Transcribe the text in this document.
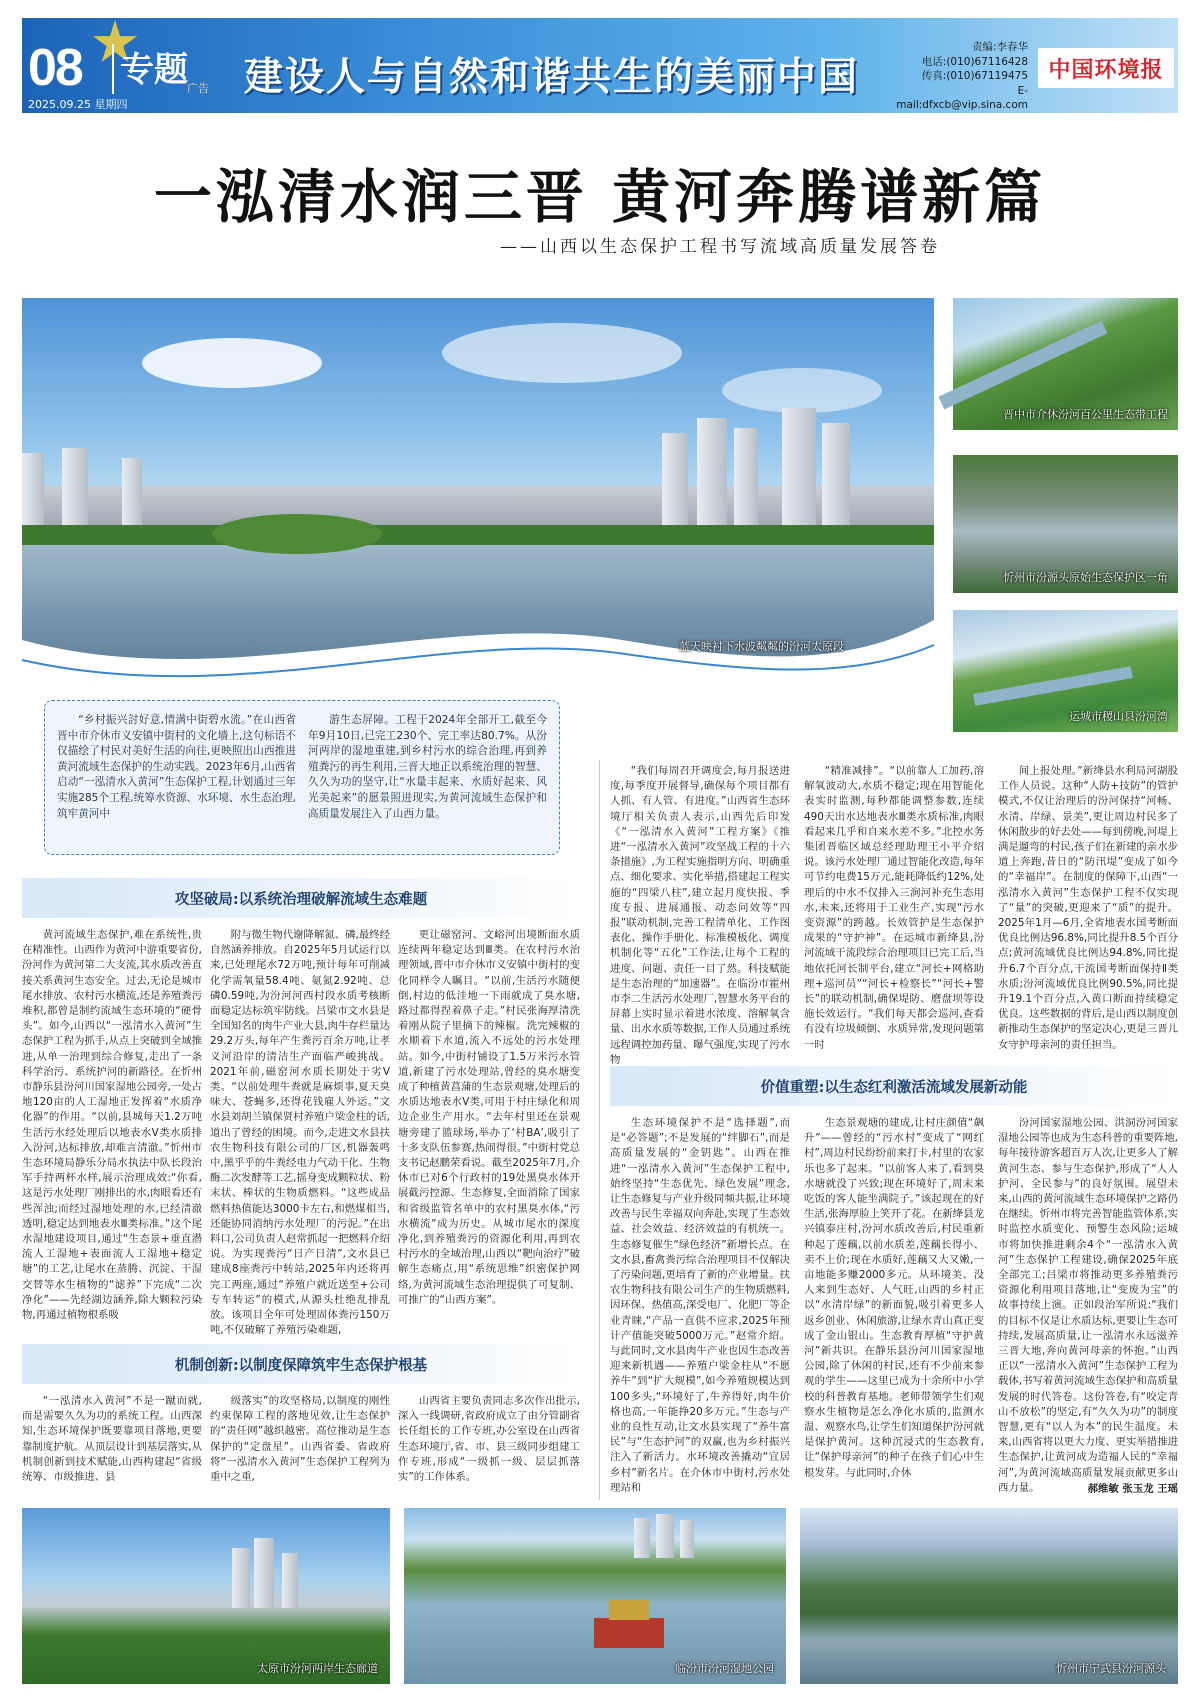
08 专题 广告
2025.09.25 星期四
建设人与自然和谐共生的美丽中国
责编:李春华
电话:(010)67116428
传真:(010)67119475
E-mail:dfxcb@vip.sina.com
中国环境报
一泓清水润三晋 黄河奔腾谱新篇
——山西以生态保护工程书写流域高质量发展答卷
蓝天映衬下水波粼粼的汾河太原段
晋中市介休汾河百公里生态带工程
忻州市汾源头原始生态保护区一角
运城市稷山县汾河湾

“乡村振兴討好意,情满中街碧水流。”在山西省晋中市介休市义安镇中街村的文化墙上,这句标语不仅描绘了村民对美好生活的向往,更映照出山西推进黄河流域生态保护的生动实践。2023年6月,山西省启动“一泓清水入黄河”生态保护工程,计划通过三年实施285个工程,统筹水资源、水环境、水生态治理,筑牢黄河中

游生态屏障。工程于2024年全部开工,截至今年9月10日,已完工230个、完工率达80.7%。从汾河两岸的湿地重建,到乡村污水的综合治理,再到养殖粪污的再生利用,三晋大地正以系统治理的智慧、久久为功的坚守,让“水量丰起来、水质好起来、风光美起来”的愿景照进现实,为黄河流域生态保护和高质量发展注入了山西力量。

攻坚破局:以系统治理破解流域生态难题

黄河流域生态保护,难在系统性,贵在精准性。山西作为黄河中游重要省份,汾河作为黄河第二大支流,其水质改善直接关系黄河生态安全。过去,无论是城市尾水排放、农村污水横流,还是养殖粪污堆积,都曾是制约流域生态环境的“硬骨头”。如今,山西以“一泓清水入黄河”生态保护工程为抓手,从点上突破到全域推进,从单一治理到综合修复,走出了一条科学治污、系统护河的新路径。在忻州市静乐县汾河川国家湿地公园旁,一处占地120亩的人工湿地正发挥着“水质净化器”的作用。“以前,县城每天1.2万吨生活污水经处理后以地表水Ⅴ类水质排入汾河,达标排放,却难言清澈。”忻州市生态环境局静乐分局水执法中队长段治军手持两杯水样,展示治理成效:“你看,这是污水处理厂刚排出的水,肉眼看还有些浑浊;而经过湿地处理的水,已经清澈透明,稳定达到地表水Ⅲ类标准。”这个尾水湿地建设项目,通过“生态景+垂直潜流人工湿地+表面流人工湿地+稳定塘”的工艺,让尾水在蒸腾、沉淀、干湿交替等水生植物的“滤养”下完成“二次净化”——先经湖边涵养,除大颗粒污染物,再通过植物根系吸

附与微生物代谢降解氮、磷,最终经自然涵养排放。自2025年5月试运行以来,已处理尾水72万吨,预计每年可削减化学需氧量58.4吨、氨氮2.92吨、总磷0.59吨,为汾河河西村段水质考核断面稳定达标筑牢防线。吕梁市文水县是全国知名的肉牛产业大县,肉牛存栏量达29.2万头,每年产生粪污百余万吨,让孝义河沿岸的清洁生产面临严峻挑战。2021年前,磁窑河水质长期处于劣Ⅴ类。“以前处理牛粪就是麻烦事,夏天臭味大、苍蝇多,还得花钱雇人外运。”文水县刘胡兰镇保贤村养殖户梁金柱的话,道出了曾经的困境。而今,走进文水县扶农生物科技有限公司的厂区,机器轰鸣中,黑乎乎的牛粪经电力气动干化、生物酶二次发酵等工艺,摇身变成颗粒状、粉末状、棒状的生物质燃料。“这些成品燃料热值能达3000卡左右,和燃煤相当,还能协同消纳污水处理厂的污泥。”在出料口,公司负责人赵常抓起一把燃料介绍说。为实现粪污“日产日清”,文水县已建成8座粪污中转站,2025年内还将再完工两座,通过“养殖户就近送至+公司专车转运”的模式,从源头杜绝乱排乱放。该项目全年可处理固体粪污150万吨,不仅破解了养殖污染难题,

更让磁窑河、文峪河出境断面水质连续两年稳定达到Ⅲ类。在农村污水治理领域,晋中市介休市义安镇中街村的变化同样令人瞩目。“以前,生活污水随便倒,村边的低洼地一下雨就成了臭水塘,路过都得捏着鼻子走。”村民张海厚清洗着刚从院子里摘下的辣椒。洗完辣椒的水顺着下水道,流入不远处的污水处理站。如今,中街村铺设了1.5万米污水管道,新建了污水处理站,曾经的臭水塘变成了种植黄菖蒲的生态景观塘,处理后的水质达地表水Ⅴ类,可用于村庄绿化和周边企业生产用水。“去年村里还在景观塘旁建了篮球场,举办了‘村BA’,吸引了十多支队伍参赛,热闹得很。”中街村党总支书记赵鹏荣看说。截至2025年7月,介休市已对6个行政村的19处黑臭水体开展截污控源、生态修复,全面消除了国家和省级监管名单中的农村黑臭水体,“污水横流”成为历史。从城市尾水的深度净化,到养殖粪污的资源化利用,再到农村污水的全域治理,山西以“靶向治疗”破解生态痛点,用“系统思维”织密保护网络,为黄河流域生态治理提供了可复制、可推广的“山西方案”。

机制创新:以制度保障筑牢生态保护根基

“一泓清水入黄河”不是一蹴而就,而是需要久久为功的系统工程。山西深知,生态环境保护既要靠项目落地,更要靠制度护航。从顶层设计到基层落实,从机制创新到技术赋能,山西构建起“省级统筹、市级推进、县

级落实”的攻坚格局,以制度的刚性约束保障工程的落地见效,让生态保护的“责任网”越织越密。高位推动是生态保护的“定盘星”。山西省委、省政府将“一泓清水入黄河”生态保护工程列为重中之重,

山西省主要负责同志多次作出批示,深入一线调研,省政府成立了由分管副省长任组长的工作专班,办公室设在山西省生态环境厅,省、市、县三级同步组建工作专班,形成“一级抓一级、层层抓落实”的工作体系。

“我们每周召开调度会,每月报送进度,每季度开展督导,确保每个项目都有人抓、有人管、有进度。”山西省生态环境厅相关负责人表示,山西先后印发《“一泓清水入黄河”工程方案》《推进“一泓清水入黄河”攻坚战工程的十六条措施》,为工程实施指明方向、明确重点、细化要求、实化举措,搭建起工程实施的“四梁八柱”,建立起月度快报、季度专报、进展通报、动态问效等“四报”联动机制,完善工程清单化、工作图表化、操作手册化、标准模板化、调度机制化等“五化”工作法,让每个工程的进度、问题、责任一目了然。科技赋能是生态治理的“加速器”。在临汾市霍州市李二生活污水处理厂,智慧水务平台的屏幕上实时显示着进水浓度、溶解氧含量、出水水质等数据,工作人员通过系统远程调控加药量、曝气强度,实现了污水物

“精准减排”。“以前靠人工加药,溶解氧波动大,水质不稳定;现在用智能化表实时监测,每秒都能调整参数,连续490天出水达地表水Ⅲ类水质标准,肉眼看起来几乎和自来水差不多。”北控水务集团晋临区域总经理助理王小平介绍说。该污水处理厂通过智能化改造,每年可节约电费15万元,能耗降低约12%,处理后的中水不仅排入三涧河补充生态用水,未来,还将用于工业生产,实现“污水变资源”的跨越。长效管护是生态保护成果的“守护神”。在运城市新绛县,汾河流域干流段综合治理项目已完工后,当地依托河长制平台,建立“河长+网格助理+巡河员”“河长+检察长”“河长+警长”的联动机制,确保堤防、磨盘坝等设施长效运行。“我们每天都会巡河,查看有没有垃圾倾倒、水质异常,发现问题第一时

间上报处理。”新绛县水利局河湖股工作人员说。这种“人防+技防”的管护模式,不仅让治理后的汾河保持“河畅、水清、岸绿、景美”,更让周边村民多了休闲散步的好去处——每到傍晚,河堤上满是遛弯的村民,孩子们在新建的亲水步道上奔跑,昔日的“防汛堤”变成了如今的“幸福岸”。在制度的保障下,山西“一泓清水入黄河”生态保护工程不仅实现了“量”的突破,更迎来了“质”的提升。2025年1月—6月,全省地表水国考断面优良比例达96.8%,同比提升8.5个百分点;黄河流域优良比例达94.8%,同比提升6.7个百分点,干流国考断面保持Ⅱ类水质;汾河流域优良比例90.5%,同比提升19.1个百分点,入黄口断面持续稳定优良。这些数据的背后,是山西以制度创新推动生态保护的坚定决心,更是三晋儿女守护母亲河的责任担当。

价值重塑:以生态红利激活流域发展新动能

生态环境保护不是“选择题”,而是“必答题”;不是发展的“绊脚石”,而是高质量发展的“金钥匙”。山西在推进“一泓清水入黄河”生态保护工程中,始终坚持“生态优先、绿色发展”理念,让生态修复与产业升级同频共振,让环境改善与民生幸福双向奔赴,实现了生态效益、社会效益、经济效益的有机统一。生态修复催生“绿色经济”新增长点。在文水县,畜禽粪污综合治理项目不仅解决了污染问题,更培育了新的产业增量。扶农生物科技有限公司生产的生物质燃料,因环保、热值高,深受电厂、化肥厂等企业青睐,“产品一直供不应求,2025年预计产值能突破5000万元。”赵常介绍。与此同时,文水县肉牛产业也因生态改善迎来新机遇——养殖户梁金柱从“不愿养牛”到“扩大规模”,如今养殖规模达到100多头,“环境好了,牛养得好,肉牛价格也高,一年能挣20多万元。”生态与产业的良性互动,让文水县实现了“养牛富民”与“生态护河”的双赢,也为乡村振兴注入了新活力。水环境改善撬动“宜居乡村”新名片。在介休市中街村,污水处理站和

生态景观塘的建成,让村庄颜值“飙升”——曾经的“污水村”变成了“网红村”,周边村民纷纷前来打卡,村里的农家乐也多了起来。“以前客人来了,看到臭水塘就没了兴致;现在环境好了,周末来吃饭的客人能坐满院子。”该起现在的好生活,张海厚脸上笑开了花。在新绛县龙兴镇泰庄村,汾河水质改善后,村民重新种起了莲藕,以前水质差,莲藕长得小、卖不上价;现在水质好,莲藕又大又嫩,一亩地能多赚2000多元。从环境美、没人来到生态好、人气旺,山西的乡村正以“水清岸绿”的新面貌,吸引着更多人返乡创业、休闲旅游,让绿水青山真正变成了金山银山。生态教育厚植“守护黄河”新共识。在静乐县汾河川国家湿地公园,除了休闲的村民,还有不少前来参观的学生——这里已成为十余所中小学校的科普教育基地。老师带领学生们观察水生植物是怎么净化水质的,监测水温、观察水鸟,让学生们知道保护汾河就是保护黄河。这种沉浸式的生态教育,让“保护母亲河”的种子在孩子们心中生根发芽。与此同时,介休

汾河国家湿地公园、洪洞汾河国家湿地公园等也成为生态科普的重要阵地,每年接待游客超百万人次,让更多人了解黄河生态、参与生态保护,形成了“人人护河、全民参与”的良好氛围。展望未来,山西的黄河流域生态环境保护之路仍在继续。忻州市将完善智能监管体系,实时监控水质变化、预警生态风险;运城市将加快推进剩余4个“一泓清水入黄河”生态保护工程建设,确保2025年底全部完工;吕梁市将推动更多养殖粪污资源化利用项目落地,让“变废为宝”的故事持续上演。正如段治军所说:“我们的目标不仅是让水质达标,更要让生态可持续,发展高质量,让一泓清水永远滋养三晋大地,奔向黄河母亲的怀抱。”山西正以“一泓清水入黄河”生态保护工程为载体,书写着黄河流域生态保护和高质量发展的时代答卷。这份答卷,有“咬定青山不放松”的坚定,有“久久为功”的制度智慧,更有“以人为本”的民生温度。未来,山西省将以更大力度、更实举措推进生态保护,让黄河成为造福人民的“幸福河”,为黄河流域高质量发展贡献更多山西力量。	郝维敏 张玉龙 王瑶
太原市汾河两岸生态廊道	临汾市汾河湿地公园	忻州市宁武县汾河源头
